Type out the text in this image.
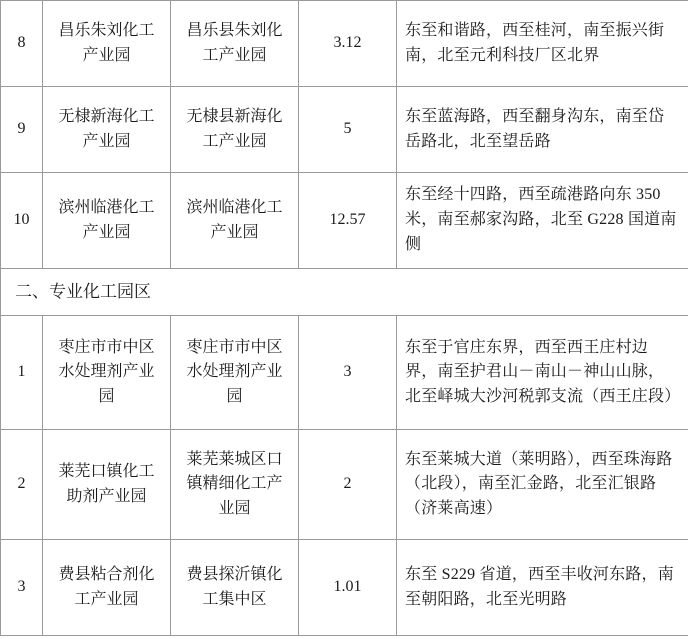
8	昌乐朱刘化工产业园	昌乐县朱刘化工产业园	3.12	东至和谐路，西至桂河，南至振兴街南，北至元利科技厂区北界
9	无棣新海化工产业园	无棣县新海化工产业园	5	东至蓝海路，西至翻身沟东，南至岱岳路北，北至望岳路
10	滨州临港化工产业园	滨州临港化工产业园	12.57	东至经十四路，西至疏港路向东 350 米，南至郝家沟路，北至 G228 国道南侧
二、专业化工园区				
1	枣庄市市中区水处理剂产业园	枣庄市市中区水处理剂产业园	3	东至于官庄东界，西至西王庄村边界，南至护君山－南山－神山山脉，北至峄城大沙河税郭支流（西王庄段）
2	莱芜口镇化工助剂产业园	莱芜莱城区口镇精细化工产业园	2	东至莱城大道（莱明路），西至珠海路（北段），南至汇金路，北至汇银路（济莱高速）
3	费县粘合剂化工产业园	费县探沂镇化工集中区	1.01	东至 S229 省道，西至丰收河东路，南至朝阳路，北至光明路
